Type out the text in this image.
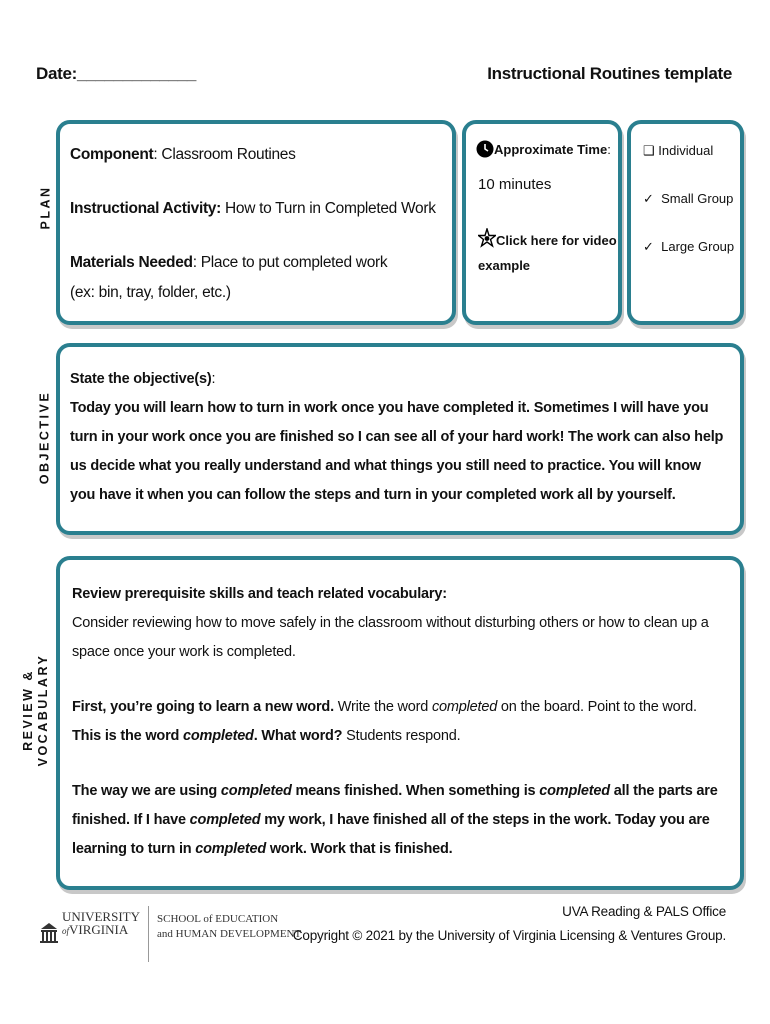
Date:_____________	Instructional Routines template
PLAN
OBJECTIVE
REVIEW & VOCABULARY
Component: Classroom Routines
Instructional Activity: How to Turn in Completed Work
Materials Needed: Place to put completed work
(ex: bin, tray, folder, etc.)
Approximate Time:
10 minutes
Click here for video example
❑ Individual
✓ Small Group
✓ Large Group
State the objective(s):
Today you will learn how to turn in work once you have completed it. Sometimes I will have you turn in your work once you are finished so I can see all of your hard work! The work can also help us decide what you really understand and what things you still need to practice. You will know you have it when you can follow the steps and turn in your completed work all by yourself.
Review prerequisite skills and teach related vocabulary:
Consider reviewing how to move safely in the classroom without disturbing others or how to clean up a space once your work is completed.
First, you’re going to learn a new word. Write the word completed on the board. Point to the word. This is the word completed. What word? Students respond.
The way we are using completed means finished. When something is completed all the parts are finished. If I have completed my work, I have finished all of the steps in the work. Today you are learning to turn in completed work. Work that is finished.
UNIVERSITY
ofVIRGINIA
SCHOOL of EDUCATION
and HUMAN DEVELOPMENT
UVA Reading & PALS Office
Copyright © 2021 by the University of Virginia Licensing & Ventures Group.
